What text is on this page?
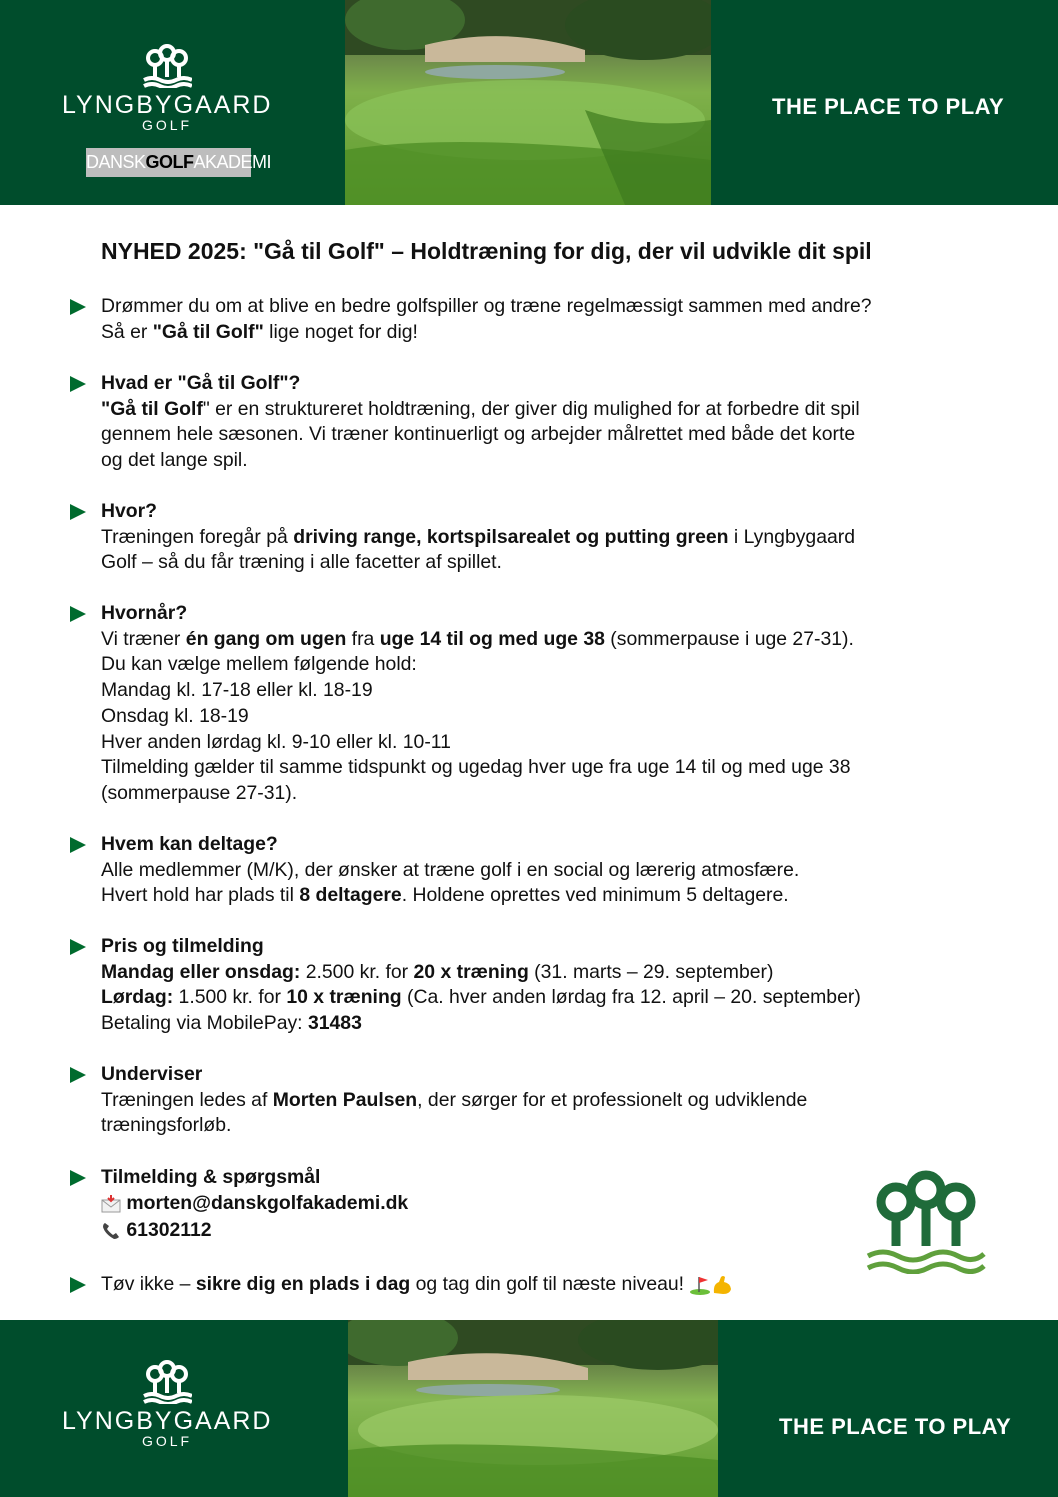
LYNGBYGAARD
GOLF
DANSKGOLFAKADEMI
THE PLACE TO PLAY
NYHED 2025: "Gå til Golf" – Holdtræning for dig, der vil udvikle dit spil

Drømmer du om at blive en bedre golfspiller og træne regelmæssigt sammen med andre?

Så er "Gå til Golf" lige noget for dig!

Hvad er "Gå til Golf"?

"Gå til Golf" er en struktureret holdtræning, der giver dig mulighed for at forbedre dit spil

gennem hele sæsonen. Vi træner kontinuerligt og arbejder målrettet med både det korte

og det lange spil.

Hvor?

Træningen foregår på driving range, kortspilsarealet og putting green i Lyngbygaard

Golf – så du får træning i alle facetter af spillet.

Hvornår?

Vi træner én gang om ugen fra uge 14 til og med uge 38 (sommerpause i uge 27-31).

Du kan vælge mellem følgende hold:

Mandag kl. 17-18 eller kl. 18-19

Onsdag kl. 18-19

Hver anden lørdag kl. 9-10 eller kl. 10-11

Tilmelding gælder til samme tidspunkt og ugedag hver uge fra uge 14 til og med uge 38

(sommerpause 27-31).

Hvem kan deltage?

Alle medlemmer (M/K), der ønsker at træne golf i en social og lærerig atmosfære.

Hvert hold har plads til 8 deltagere. Holdene oprettes ved minimum 5 deltagere.

Pris og tilmelding

Mandag eller onsdag: 2.500 kr. for 20 x træning (31. marts – 29. september)

Lørdag: 1.500 kr. for 10 x træning (Ca. hver anden lørdag fra 12. april – 20. september)

Betaling via MobilePay: 31483

Underviser

Træningen ledes af Morten Paulsen, der sørger for et professionelt og udviklende

træningsforløb.

Tilmelding & spørgsmål

morten@danskgolfakademi.dk

61302112

Tøv ikke – sikre dig en plads i dag og tag din golf til næste niveau!

LYNGBYGAARD
GOLF
THE PLACE TO PLAY
